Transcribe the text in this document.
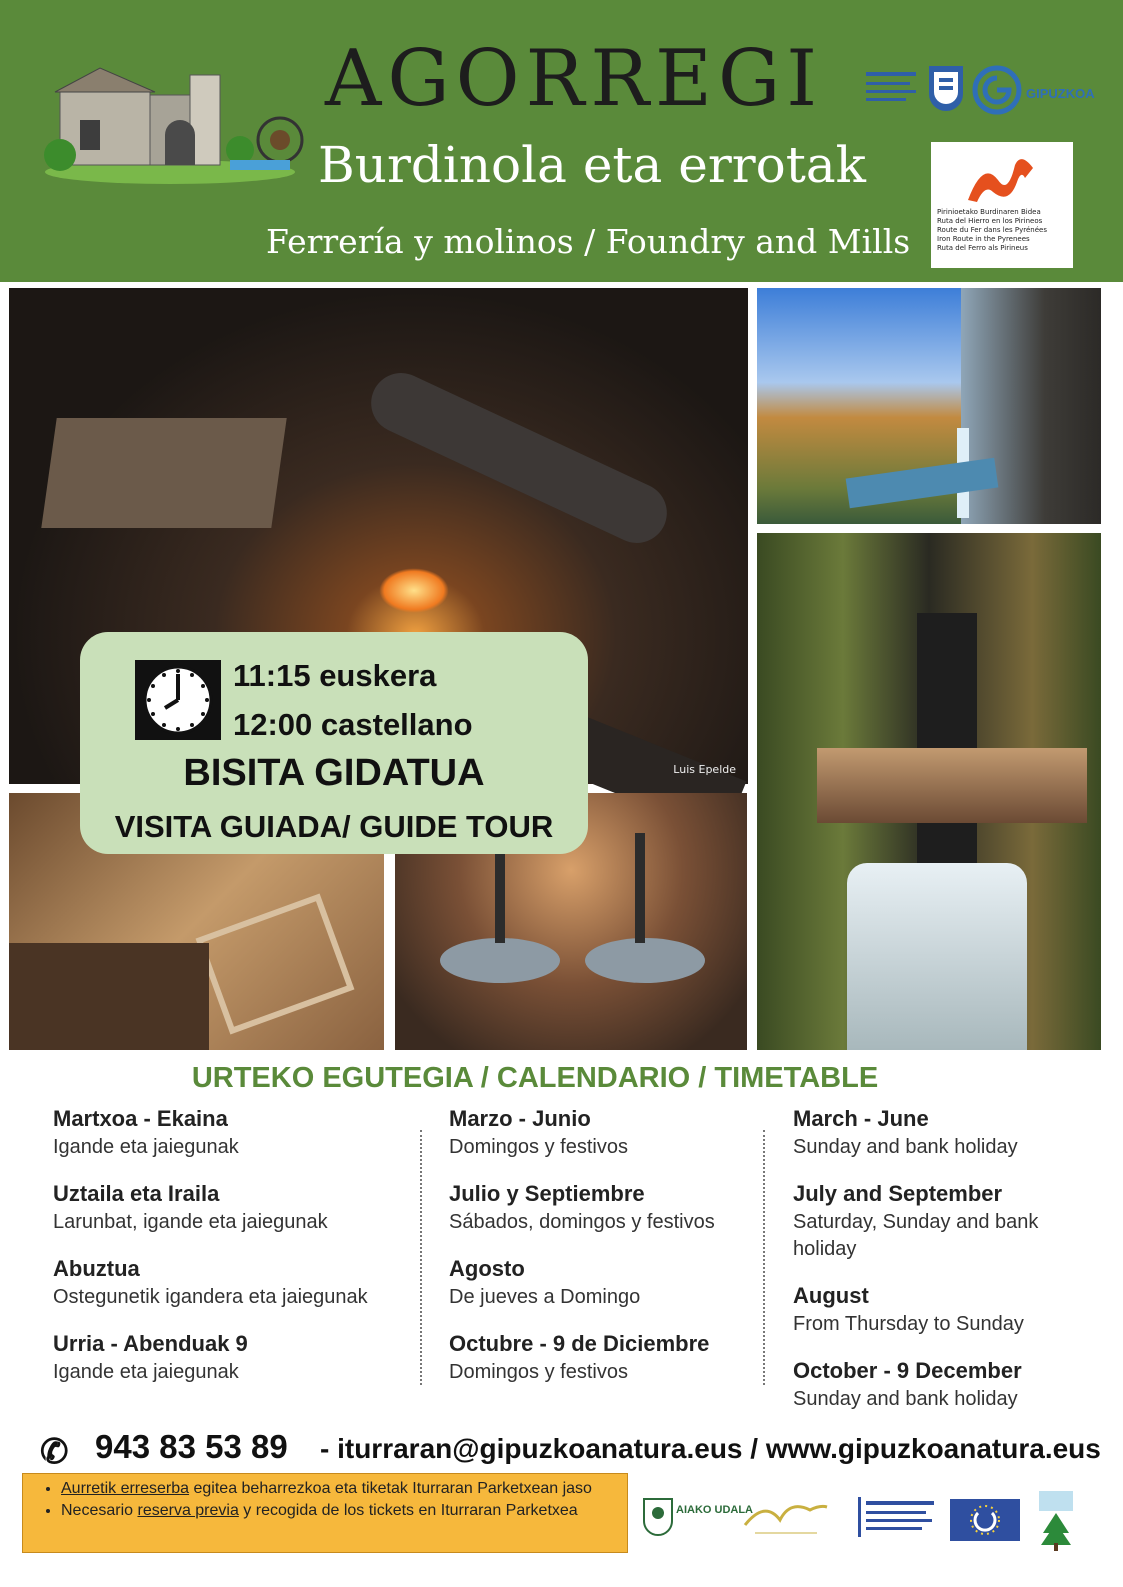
AGORREGI
Burdinola eta errotak
Ferrería y molinos / Foundry and Mills
GIPUZKOA
Pirinioetako Burdinaren Bidea
Ruta del Hierro en los Pirineos
Route du Fer dans les Pyrénées
Iron Route in the Pyrenees
Ruta del Ferro als Pirineus
Luis Epelde
11:15 euskera
12:00 castellano
BISITA GIDATUA
VISITA GUIADA/ GUIDE TOUR
URTEKO EGUTEGIA / CALENDARIO / TIMETABLE

Martxoa - Ekaina

Igande eta jaiegunak

Uztaila eta Iraila

Larunbat, igande eta jaiegunak

Abuztua

Ostegunetik igandera eta jaiegunak

Urria - Abenduak 9

Igande eta jaiegunak

Marzo - Junio

Domingos y festivos

Julio y Septiembre

Sábados, domingos y festivos

Agosto

De jueves a Domingo

Octubre - 9 de Diciembre

Domingos y festivos

March - June

Sunday and bank holiday

July and September

Saturday, Sunday and bank holiday

August

From Thursday to Sunday

October - 9 December

Sunday and bank holiday

✆ 943 83 53 89 - iturraran@gipuzkoanatura.eus / www.gipuzkoanatura.eus
• Aurretik erreserba egitea beharrezkoa eta tiketak Iturraran Parketxean jaso
• Necesario reserva previa y recogida de los tickets en Iturraran Parketxea	AIAKO UDALA
